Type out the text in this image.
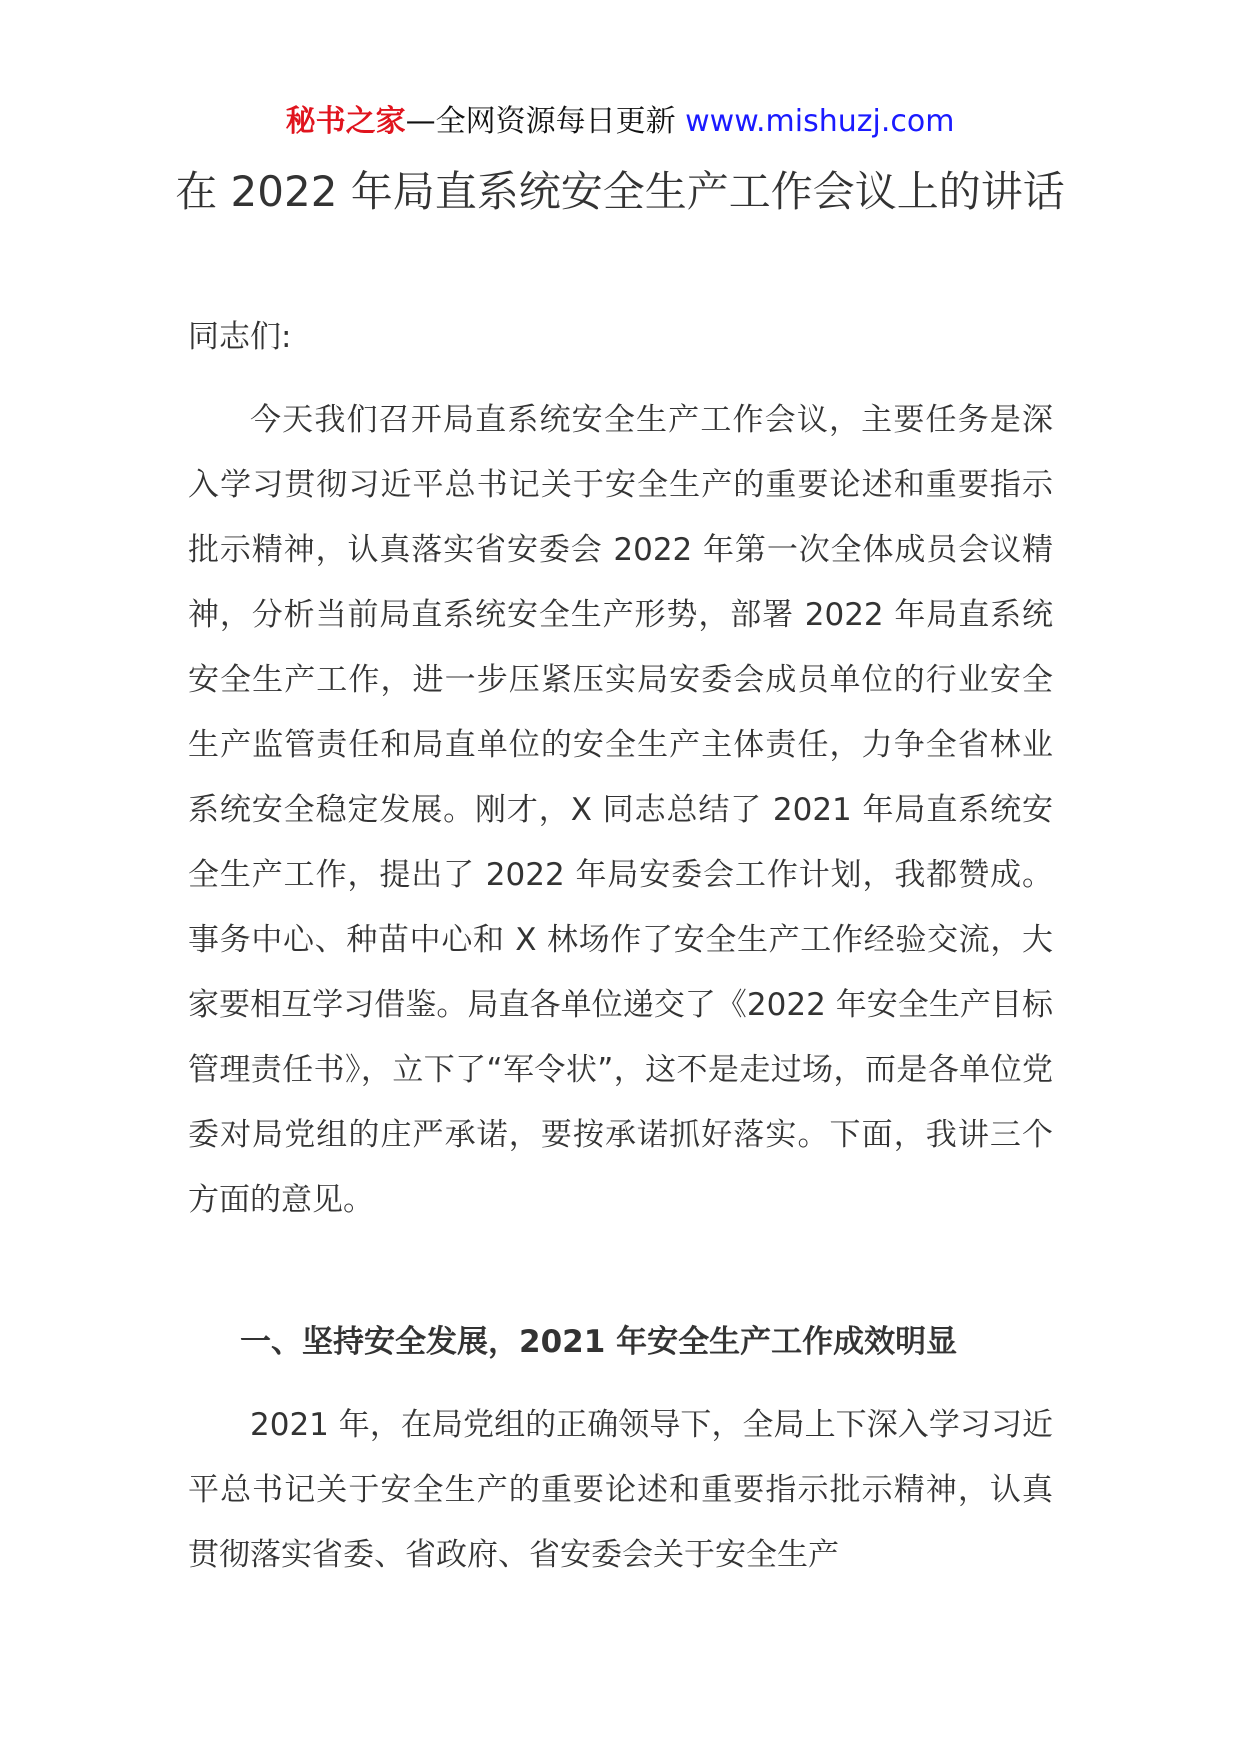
秘书之家—全网资源每日更新 www.mishuzj.com
在 2022 年局直系统安全生产工作会议上的讲话

同志们:

今天我们召开局直系统安全生产工作会议，主要任务是深入学习贯彻习近平总书记关于安全生产的重要论述和重要指示批示精神，认真落实省安委会 2022 年第一次全体成员会议精神，分析当前局直系统安全生产形势，部署 2022 年局直系统安全生产工作，进一步压紧压实局安委会成员单位的行业安全生产监管责任和局直单位的安全生产主体责任，力争全省林业系统安全稳定发展。刚才，X 同志总结了 2021 年局直系统安全生产工作，提出了 2022 年局安委会工作计划，我都赞成。事务中心、种苗中心和 X 林场作了安全生产工作经验交流，大家要相互学习借鉴。局直各单位递交了《2022 年安全生产目标管理责任书》，立下了“军令状”，这不是走过场，而是各单位党委对局党组的庄严承诺，要按承诺抓好落实。下面，我讲三个方面的意见。

一、坚持安全发展，2021 年安全生产工作成效明显

2021 年，在局党组的正确领导下，全局上下深入学习习近平总书记关于安全生产的重要论述和重要指示批示精神，认真贯彻落实省委、省政府、省安委会关于安全生产
